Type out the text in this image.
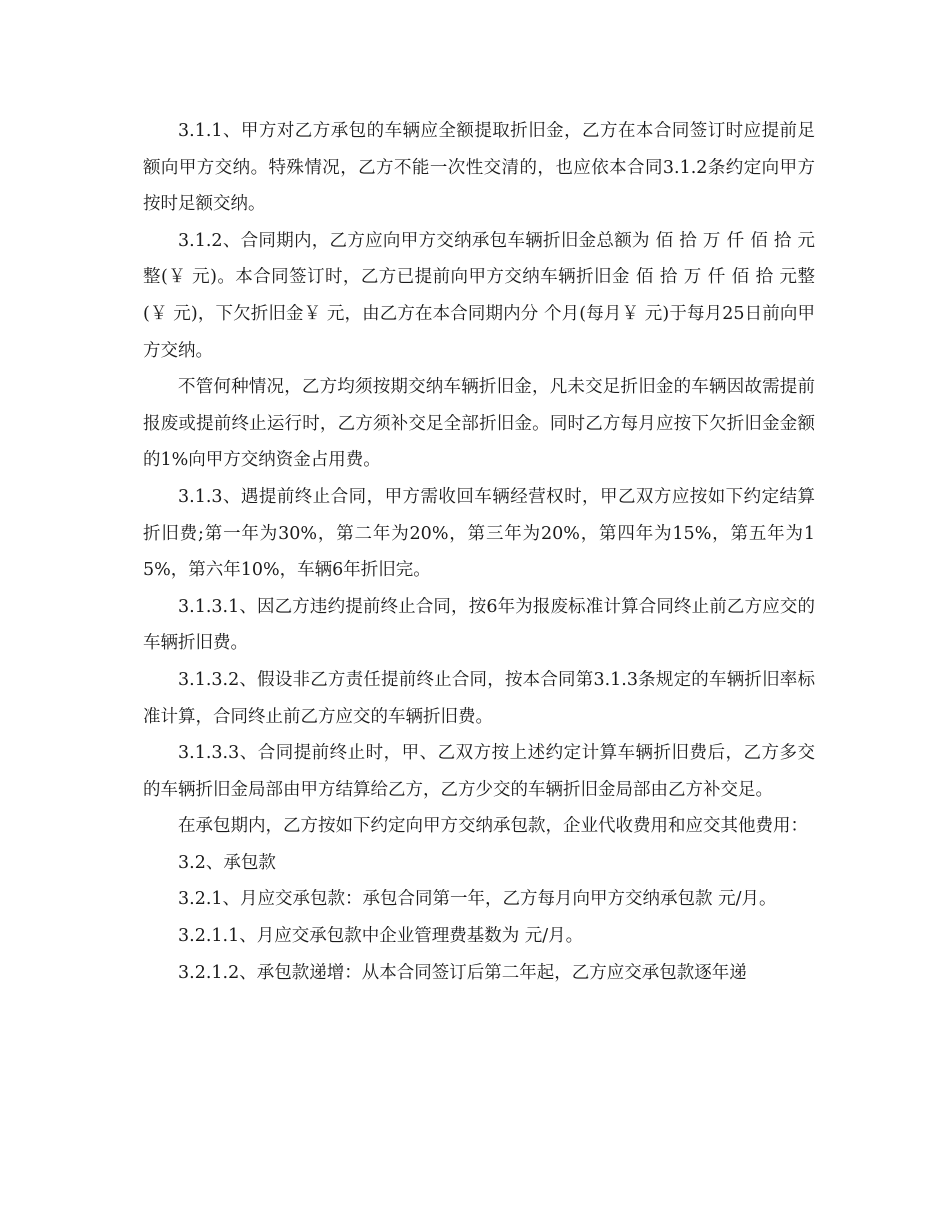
3.1.1、甲方对乙方承包的车辆应全额提取折旧金，乙方在本合同签订时应提前足额向甲方交纳。特殊情况，乙方不能一次性交清的，也应依本合同3.1.2条约定向甲方按时足额交纳。

3.1.2、合同期内，乙方应向甲方交纳承包车辆折旧金总额为 佰 拾 万 仟 佰 拾 元整(￥ 元)。本合同签订时，乙方已提前向甲方交纳车辆折旧金 佰 拾 万 仟 佰 拾 元整(￥ 元)，下欠折旧金￥ 元，由乙方在本合同期内分 个月(每月￥ 元)于每月25日前向甲方交纳。

不管何种情况，乙方均须按期交纳车辆折旧金，凡未交足折旧金的车辆因故需提前报废或提前终止运行时，乙方须补交足全部折旧金。同时乙方每月应按下欠折旧金金额的1%向甲方交纳资金占用费。

3.1.3、遇提前终止合同，甲方需收回车辆经营权时，甲乙双方应按如下约定结算折旧费;第一年为30%，第二年为20%，第三年为20%，第四年为15%，第五年为15%，第六年10%，车辆6年折旧完。

3.1.3.1、因乙方违约提前终止合同，按6年为报废标准计算合同终止前乙方应交的车辆折旧费。

3.1.3.2、假设非乙方责任提前终止合同，按本合同第3.1.3条规定的车辆折旧率标准计算，合同终止前乙方应交的车辆折旧费。

3.1.3.3、合同提前终止时，甲、乙双方按上述约定计算车辆折旧费后，乙方多交的车辆折旧金局部由甲方结算给乙方，乙方少交的车辆折旧金局部由乙方补交足。

在承包期内，乙方按如下约定向甲方交纳承包款，企业代收费用和应交其他费用：

3.2、承包款

3.2.1、月应交承包款：承包合同第一年，乙方每月向甲方交纳承包款 元/月。

3.2.1.1、月应交承包款中企业管理费基数为 元/月。

3.2.1.2、承包款递增：从本合同签订后第二年起，乙方应交承包款逐年递
